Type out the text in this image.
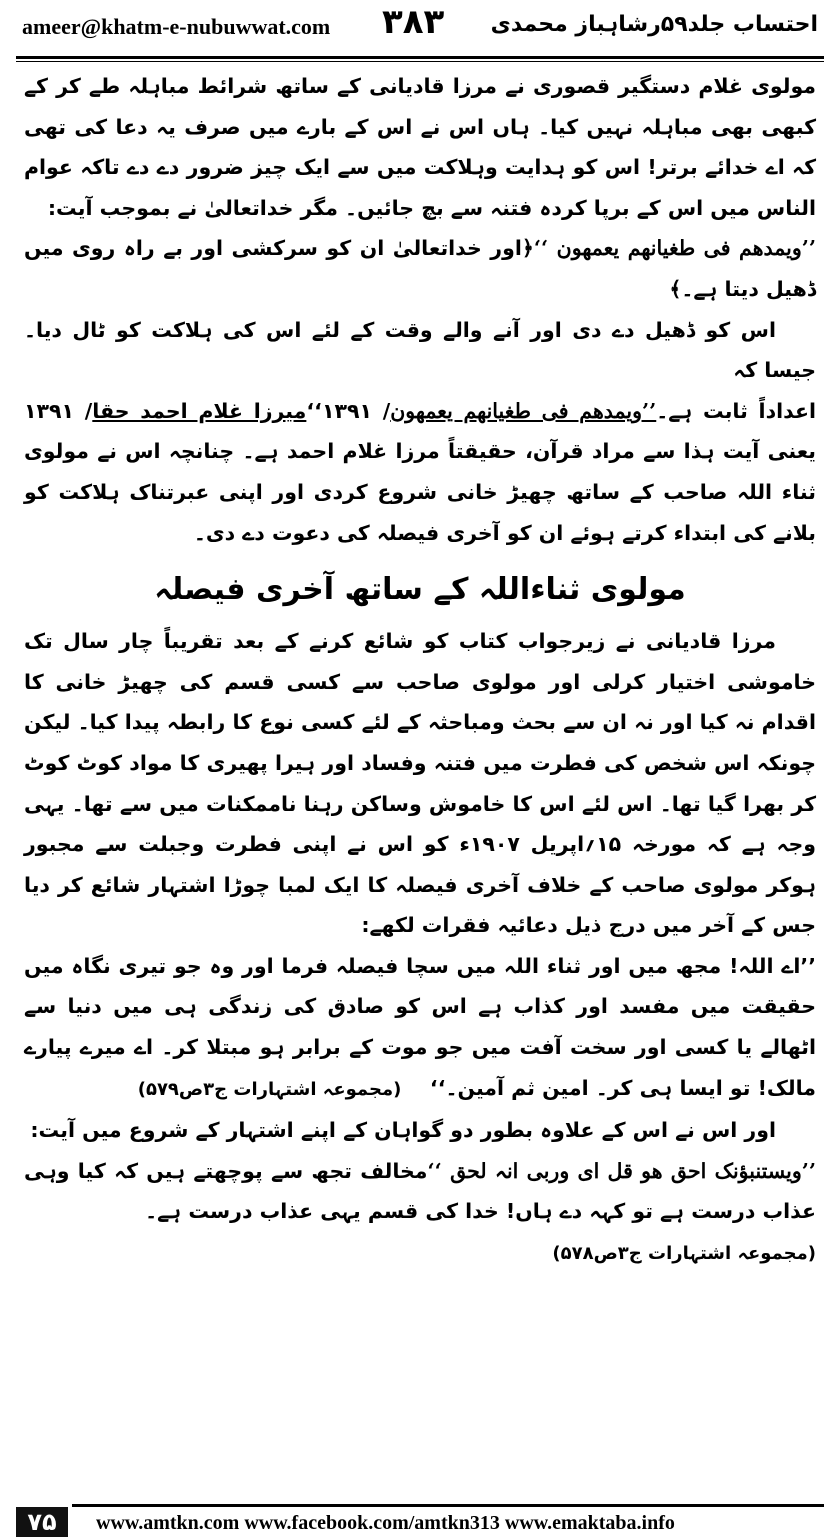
ameer@khatm-e-nubuwwat.com ۳۸۳ احتساب جلد۵۹رشاہباز محمدی

مولوی غلام دستگیر قصوری نے مرزا قادیانی کے ساتھ شرائط مباہلہ طے کر کے کبھی بھی مباہلہ نہیں کیا۔ ہاں اس نے اس کے بارے میں صرف یہ دعا کی تھی کہ اے خدائے برتر! اس کو ہدایت وہلاکت میں سے ایک چیز ضرور دے دے تاکہ عوام الناس میں اس کے برپا کردہ فتنہ سے بچ جائیں۔ مگر خداتعالیٰ نے بموجب آیت:

’’ویمدھم فی طغیانھم یعمھون ‘‘﴿اور خداتعالیٰ ان کو سرکشی اور بے راہ روی میں ڈھیل دیتا ہے۔﴾

اس کو ڈھیل دے دی اور آنے والے وقت کے لئے اس کی ہلاکت کو ٹال دیا۔ جیسا کہ

اعداداً ثابت ہے۔’’ویمدھم فی طغیانھم یعمھون/ ۱۳۹۱‘‘میرزا غلام احمد حقا/ ۱۳۹۱ یعنی آیت ہذا سے مراد قرآن، حقیقتاً مرزا غلام احمد ہے۔ چنانچہ اس نے مولوی ثناء اللہ صاحب کے ساتھ چھیڑ خانی شروع کردی اور اپنی عبرتناک ہلاکت کو بلانے کی ابتداء کرتے ہوئے ان کو آخری فیصلہ کی دعوت دے دی۔

مولوی ثناءاللہ کے ساتھ آخری فیصلہ

مرزا قادیانی نے زیرجواب کتاب کو شائع کرنے کے بعد تقریباً چار سال تک خاموشی اختیار کرلی اور مولوی صاحب سے کسی قسم کی چھیڑ خانی کا اقدام نہ کیا اور نہ ان سے بحث ومباحثہ کے لئے کسی نوع کا رابطہ پیدا کیا۔ لیکن چونکہ اس شخص کی فطرت میں فتنہ وفساد اور ہیرا پھیری کا مواد کوٹ کوٹ کر بھرا گیا تھا۔ اس لئے اس کا خاموش وساکن رہنا ناممکنات میں سے تھا۔ یہی وجہ ہے کہ مورخہ ۱۵؍اپریل ۱۹۰۷ء کو اس نے اپنی فطرت وجبلت سے مجبور ہوکر مولوی صاحب کے خلاف آخری فیصلہ کا ایک لمبا چوڑا اشتہار شائع کر دیا جس کے آخر میں درج ذیل دعائیہ فقرات لکھے:

’’اے اللہ! مجھ میں اور ثناء اللہ میں سچا فیصلہ فرما اور وہ جو تیری نگاہ میں حقیقت میں مفسد اور کذاب ہے اس کو صادق کی زندگی ہی میں دنیا سے اٹھالے یا کسی اور سخت آفت میں جو موت کے برابر ہو مبتلا کر۔ اے میرے پیارے مالک! تو ایسا ہی کر۔ امین ثم آمین۔‘‘    (مجموعہ اشتہارات ج۳ص۵۷۹)

اور اس نے اس کے علاوہ بطور دو گواہان کے اپنے اشتہار کے شروع میں آیت:

’’ویستنبؤنک احق ھو قل ای وربی انہ لحق ‘‘مخالف تجھ سے پوچھتے ہیں کہ کیا وہی عذاب درست ہے تو کہہ دے ہاں! خدا کی قسم یہی عذاب درست ہے۔

(مجموعہ اشتہارات ج۳ص۵۷۸)

۷۵	www.amtkn.com www.facebook.com/amtkn313 www.emaktaba.info
